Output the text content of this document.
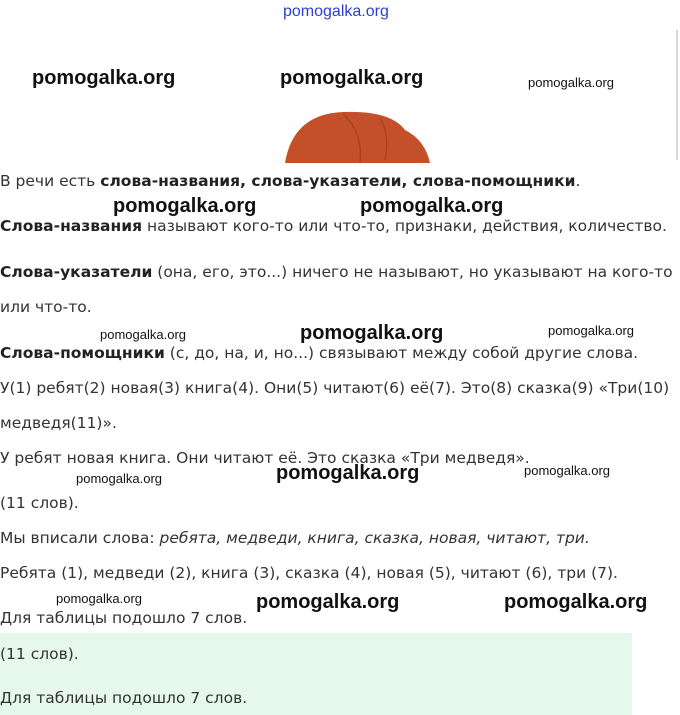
pomogalka.org
pomogalka.org	pomogalka.org	pomogalka.org
pomogalka.org	pomogalka.org
pomogalka.org	pomogalka.org	pomogalka.org
pomogalka.org	pomogalka.org	pomogalka.org
pomogalka.org	pomogalka.org	pomogalka.org
В речи есть слова-названия, слова-указатели, слова-помощники.
Слова-названия называют кого-то или что-то, признаки, действия, количество.
Слова-указатели (она, его, это...) ничего не называют, но указывают на кого-то
или что-то.
Слова-помощники (с, до, на, и, но...) связывают между собой другие слова.
У(1) ребят(2) новая(3) книга(4). Они(5) читают(6) её(7). Это(8) сказка(9) «Три(10)
медведя(11)».
У ребят новая книга. Они читают её. Это сказка «Три медведя».
(11 слов).
Мы вписали слова: ребята, медведи, книга, сказка, новая, читают, три.
Ребята (1), медведи (2), книга (3), сказка (4), новая (5), читают (6), три (7).
Для таблицы подошло 7 слов.
(11 слов).
Для таблицы подошло 7 слов.
